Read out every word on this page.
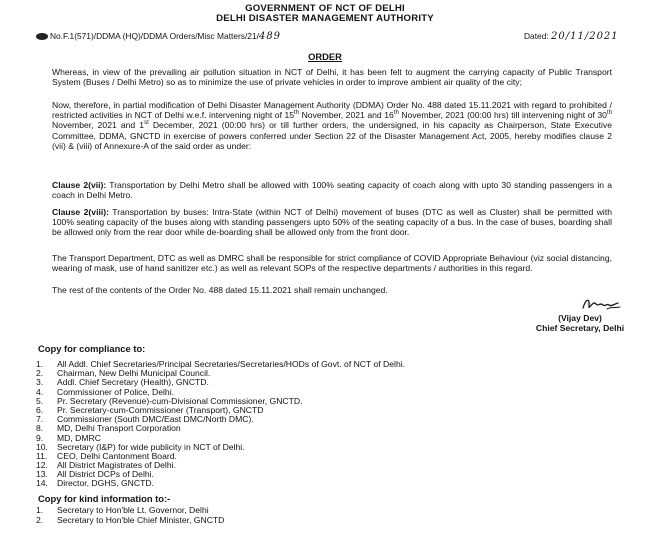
GOVERNMENT OF NCT OF DELHI
DELHI DISASTER MANAGEMENT AUTHORITY
No.F.1(571)/DDMA (HQ)/DDMA Orders/Misc Matters/21/489	Dated: 20/11/2021
ORDER

Whereas, in view of the prevailing air pollution situation in NCT of Delhi, it has been felt to augment the carrying capacity of Public Transport System (Buses / Delhi Metro) so as to minimize the use of private vehicles in order to improve ambient air quality of the city;

Now, therefore, in partial modification of Delhi Disaster Management Authority (DDMA) Order No. 488 dated 15.11.2021 with regard to prohibited / restricted activities in NCT of Delhi w.e.f. intervening night of 15th November, 2021 and 16th November, 2021 (00:00 hrs) till intervening night of 30th November, 2021 and 1st December, 2021 (00:00 hrs) or till further orders, the undersigned, in his capacity as Chairperson, State Executive Committee, DDMA, GNCTD in exercise of powers conferred under Section 22 of the Disaster Management Act, 2005, hereby modifies clause 2 (vii) & (viii) of Annexure-A of the said order as under:

Clause 2(vii): Transportation by Delhi Metro shall be allowed with 100% seating capacity of coach along with upto 30 standing passengers in a coach in Delhi Metro.

Clause 2(viii): Transportation by buses: Intra-State (within NCT of Delhi) movement of buses (DTC as well as Cluster) shall be permitted with 100% seating capacity of the buses along with standing passengers upto 50% of the seating capacity of a bus. In the case of buses, boarding shall be allowed only from the rear door while de-boarding shall be allowed only from the front door.

The Transport Department, DTC as well as DMRC shall be responsible for strict compliance of COVID Appropriate Behaviour (viz social distancing, wearing of mask, use of hand sanitizer etc.) as well as relevant SOPs of the respective departments / authorities in this regard.

The rest of the contents of the Order No. 488 dated 15.11.2021 shall remain unchanged.

(Vijay Dev)
Chief Secretary, Delhi
Copy for compliance to:
1. All Addl. Chief Secretaries/Principal Secretaries/Secretaries/HODs of Govt. of NCT of Delhi.
2. Chairman, New Delhi Municipal Council.
3. Addl. Chief Secretary (Health), GNCTD.
4. Commissioner of Police, Delhi.
5. Pr. Secretary (Revenue)-cum-Divisional Commissioner, GNCTD.
6. Pr. Secretary-cum-Commissioner (Transport), GNCTD
7. Commissioner (South DMC/East DMC/North DMC).
8. MD, Delhi Transport Corporation
9. MD, DMRC
10. Secretary (I&P) for wide publicity in NCT of Delhi.
11. CEO, Delhi Cantonment Board.
12. All District Magistrates of Delhi.
13. All District DCPs of Delhi.
14. Director, DGHS, GNCTD.
Copy for kind information to:-
1. Secretary to Hon'ble Lt. Governor, Delhi
2. Secretary to Hon'ble Chief Minister, GNCTD
